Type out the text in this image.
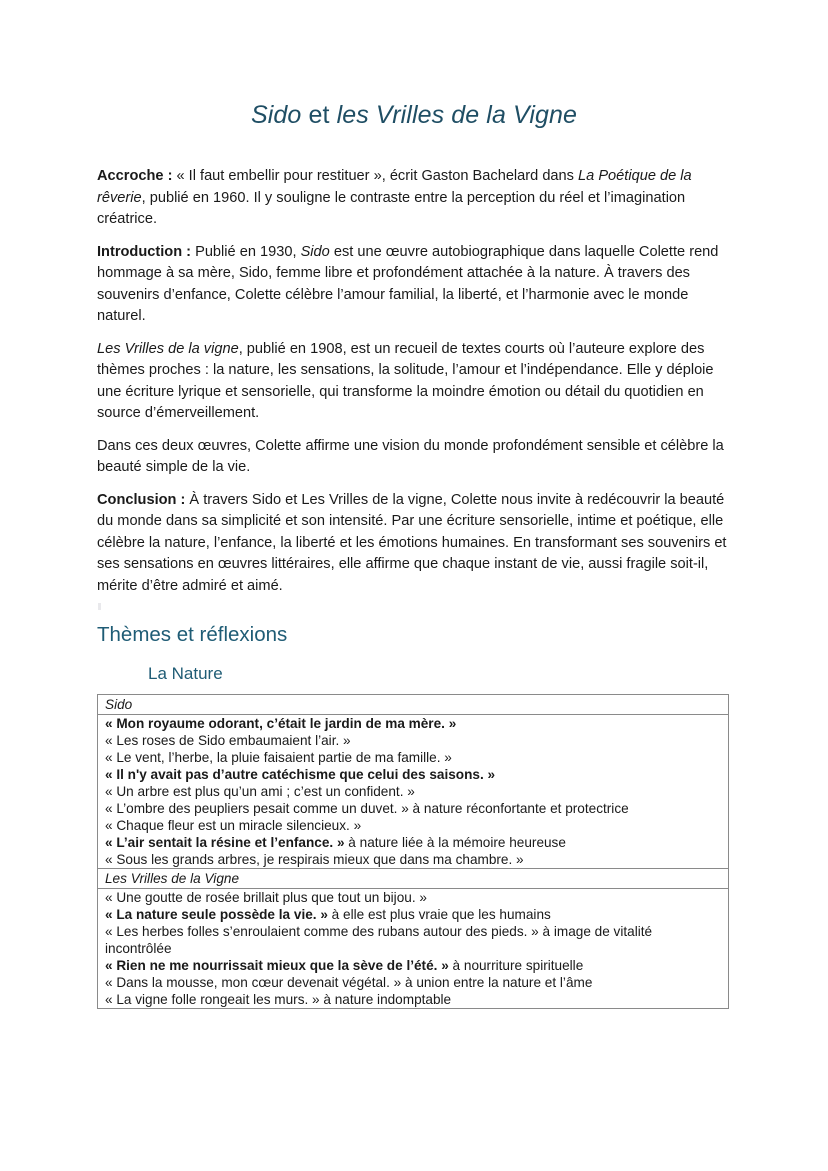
Sido et les Vrilles de la Vigne

Accroche : « Il faut embellir pour restituer », écrit Gaston Bachelard dans La Poétique de la rêverie, publié en 1960. Il y souligne le contraste entre la perception du réel et l’imagination créatrice.

Introduction : Publié en 1930, Sido est une œuvre autobiographique dans laquelle Colette rend hommage à sa mère, Sido, femme libre et profondément attachée à la nature. À travers des souvenirs d’enfance, Colette célèbre l’amour familial, la liberté, et l’harmonie avec le monde naturel.

Les Vrilles de la vigne, publié en 1908, est un recueil de textes courts où l’auteure explore des thèmes proches : la nature, les sensations, la solitude, l’amour et l’indépendance. Elle y déploie une écriture lyrique et sensorielle, qui transforme la moindre émotion ou détail du quotidien en source d’émerveillement.

Dans ces deux œuvres, Colette affirme une vision du monde profondément sensible et célèbre la beauté simple de la vie.

Conclusion : À travers Sido et Les Vrilles de la vigne, Colette nous invite à redécouvrir la beauté du monde dans sa simplicité et son intensité. Par une écriture sensorielle, intime et poétique, elle célèbre la nature, l’enfance, la liberté et les émotions humaines. En transformant ses souvenirs et ses sensations en œuvres littéraires, elle affirme que chaque instant de vie, aussi fragile soit-il, mérite d’être admiré et aimé.

Thèmes et réflexions
La Nature
Sido
« Mon royaume odorant, c’était le jardin de ma mère. »
« Les roses de Sido embaumaient l’air. »
« Le vent, l’herbe, la pluie faisaient partie de ma famille. »
« Il n'y avait pas d’autre catéchisme que celui des saisons. »
« Un arbre est plus qu’un ami ; c’est un confident. »
« L’ombre des peupliers pesait comme un duvet. » à nature réconfortante et protectrice
« Chaque fleur est un miracle silencieux. »
« L’air sentait la résine et l’enfance. » à nature liée à la mémoire heureuse
« Sous les grands arbres, je respirais mieux que dans ma chambre. »
Les Vrilles de la Vigne
« Une goutte de rosée brillait plus que tout un bijou. »
« La nature seule possède la vie. » à elle est plus vraie que les humains
« Les herbes folles s’enroulaient comme des rubans autour des pieds. » à image de vitalité incontrôlée
« Rien ne me nourrissait mieux que la sève de l’été. » à nourriture spirituelle
« Dans la mousse, mon cœur devenait végétal. » à union entre la nature et l’âme
« La vigne folle rongeait les murs. » à nature indomptable
